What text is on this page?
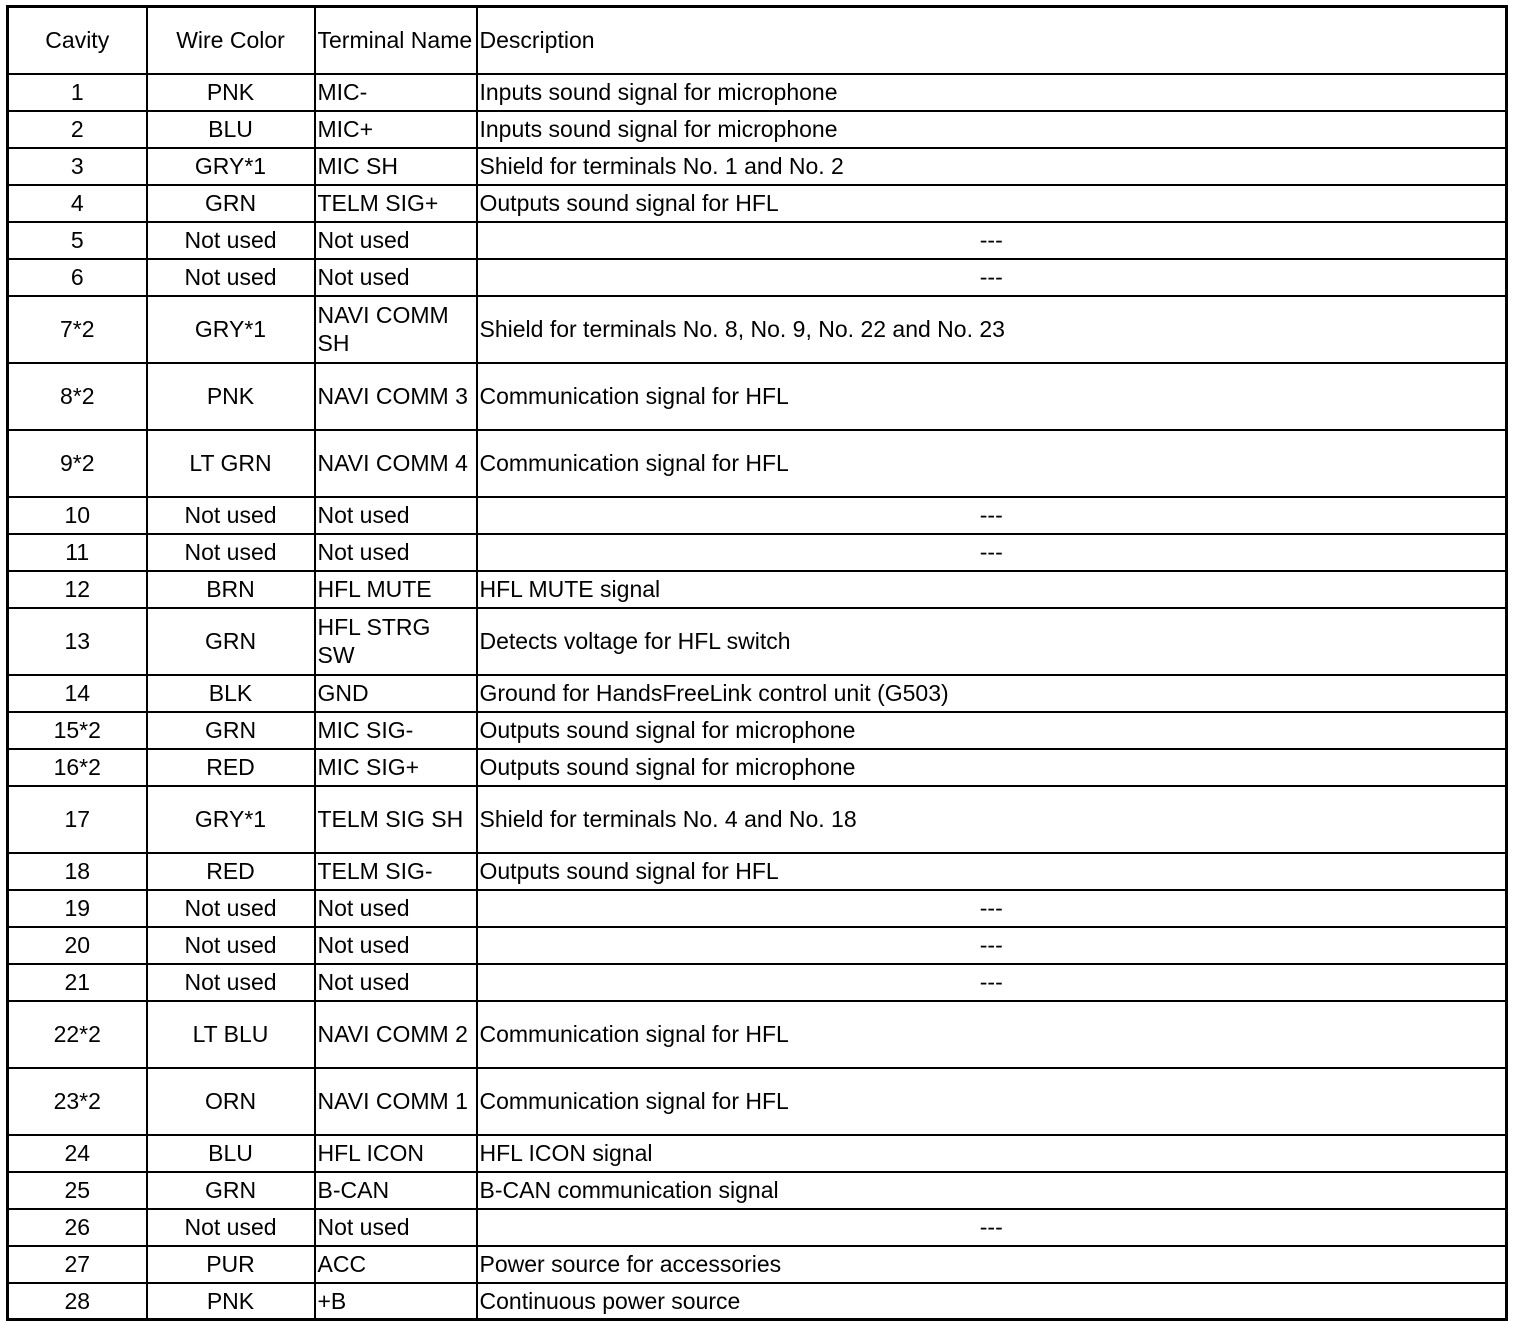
Cavity	Wire Color	Terminal Name	Description
1	PNK	MIC-	Inputs sound signal for microphone
2	BLU	MIC+	Inputs sound signal for microphone
3	GRY*1	MIC SH	Shield for terminals No. 1 and No. 2
4	GRN	TELM SIG+	Outputs sound signal for HFL
5	Not used	Not used	---
6	Not used	Not used	---
7*2	GRY*1	NAVI COMM SH	Shield for terminals No. 8, No. 9, No. 22 and No. 23
8*2	PNK	NAVI COMM 3	Communication signal for HFL
9*2	LT GRN	NAVI COMM 4	Communication signal for HFL
10	Not used	Not used	---
11	Not used	Not used	---
12	BRN	HFL MUTE	HFL MUTE signal
13	GRN	HFL STRG SW	Detects voltage for HFL switch
14	BLK	GND	Ground for HandsFreeLink control unit (G503)
15*2	GRN	MIC SIG-	Outputs sound signal for microphone
16*2	RED	MIC SIG+	Outputs sound signal for microphone
17	GRY*1	TELM SIG SH	Shield for terminals No. 4 and No. 18
18	RED	TELM SIG-	Outputs sound signal for HFL
19	Not used	Not used	---
20	Not used	Not used	---
21	Not used	Not used	---
22*2	LT BLU	NAVI COMM 2	Communication signal for HFL
23*2	ORN	NAVI COMM 1	Communication signal for HFL
24	BLU	HFL ICON	HFL ICON signal
25	GRN	B-CAN	B-CAN communication signal
26	Not used	Not used	---
27	PUR	ACC	Power source for accessories
28	PNK	+B	Continuous power source
